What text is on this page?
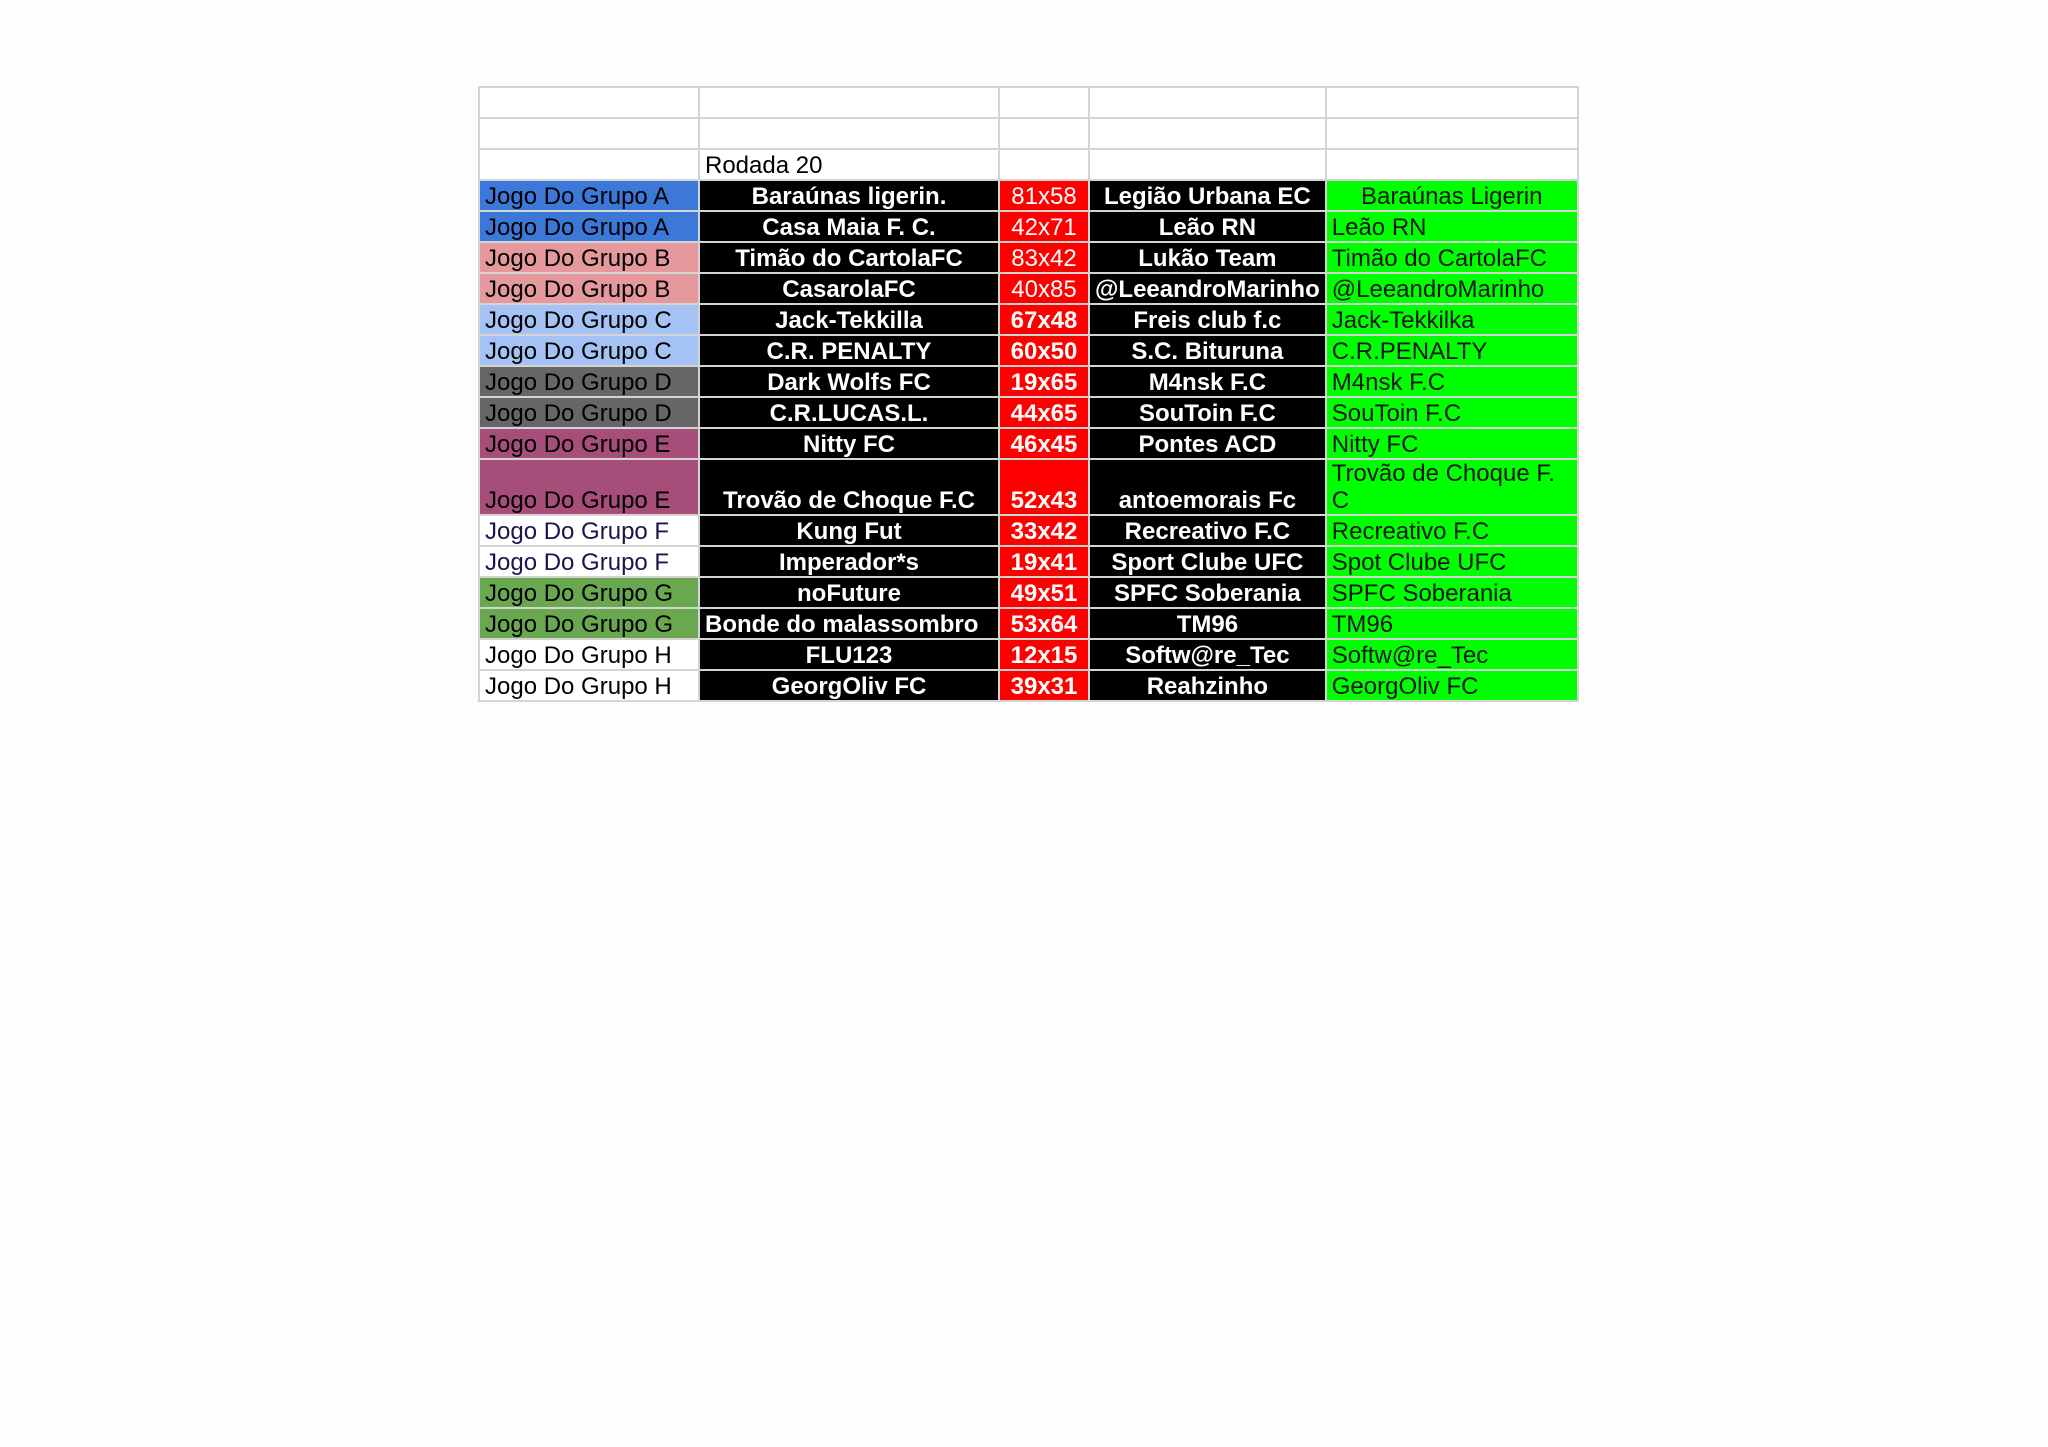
	Rodada 20			Vencedor
Jogo Do Grupo A	Baraúnas ligerin.	81x58	Legião Urbana EC	Baraúnas Ligerin
Jogo Do Grupo A	Casa Maia F. C.	42x71	Leão RN	Leão RN
Jogo Do Grupo B	Timão do CartolaFC	83x42	Lukão Team	Timão do CartolaFC
Jogo Do Grupo B	CasarolaFC	40x85	@LeeandroMarinho	@LeeandroMarinho
Jogo Do Grupo C	Jack-Tekkilla	67x48	Freis club f.c	Jack-Tekkilka
Jogo Do Grupo C	C.R. PENALTY	60x50	S.C. Bituruna	C.R.PENALTY
Jogo Do Grupo D	Dark Wolfs FC	19x65	M4nsk F.C	M4nsk F.C
Jogo Do Grupo D	C.R.LUCAS.L.	44x65	SouToin F.C	SouToin F.C
Jogo Do Grupo E	Nitty FC	46x45	Pontes ACD	Nitty FC
Jogo Do Grupo E	Trovão de Choque F.C	52x43	antoemorais Fc	Trovão de Choque F. C
Jogo Do Grupo F	Kung Fut	33x42	Recreativo F.C	Recreativo F.C
Jogo Do Grupo F	Imperador*s	19x41	Sport Clube UFC	Spot Clube UFC
Jogo Do Grupo G	noFuture	49x51	SPFC Soberania	SPFC Soberania
Jogo Do Grupo G	Bonde do malassombro	53x64	TM96	TM96
Jogo Do Grupo H	FLU123	12x15	Softw@re_Tec	Softw@re_Tec
Jogo Do Grupo H	GeorgOliv FC	39x31	Reahzinho	GeorgOliv FC
